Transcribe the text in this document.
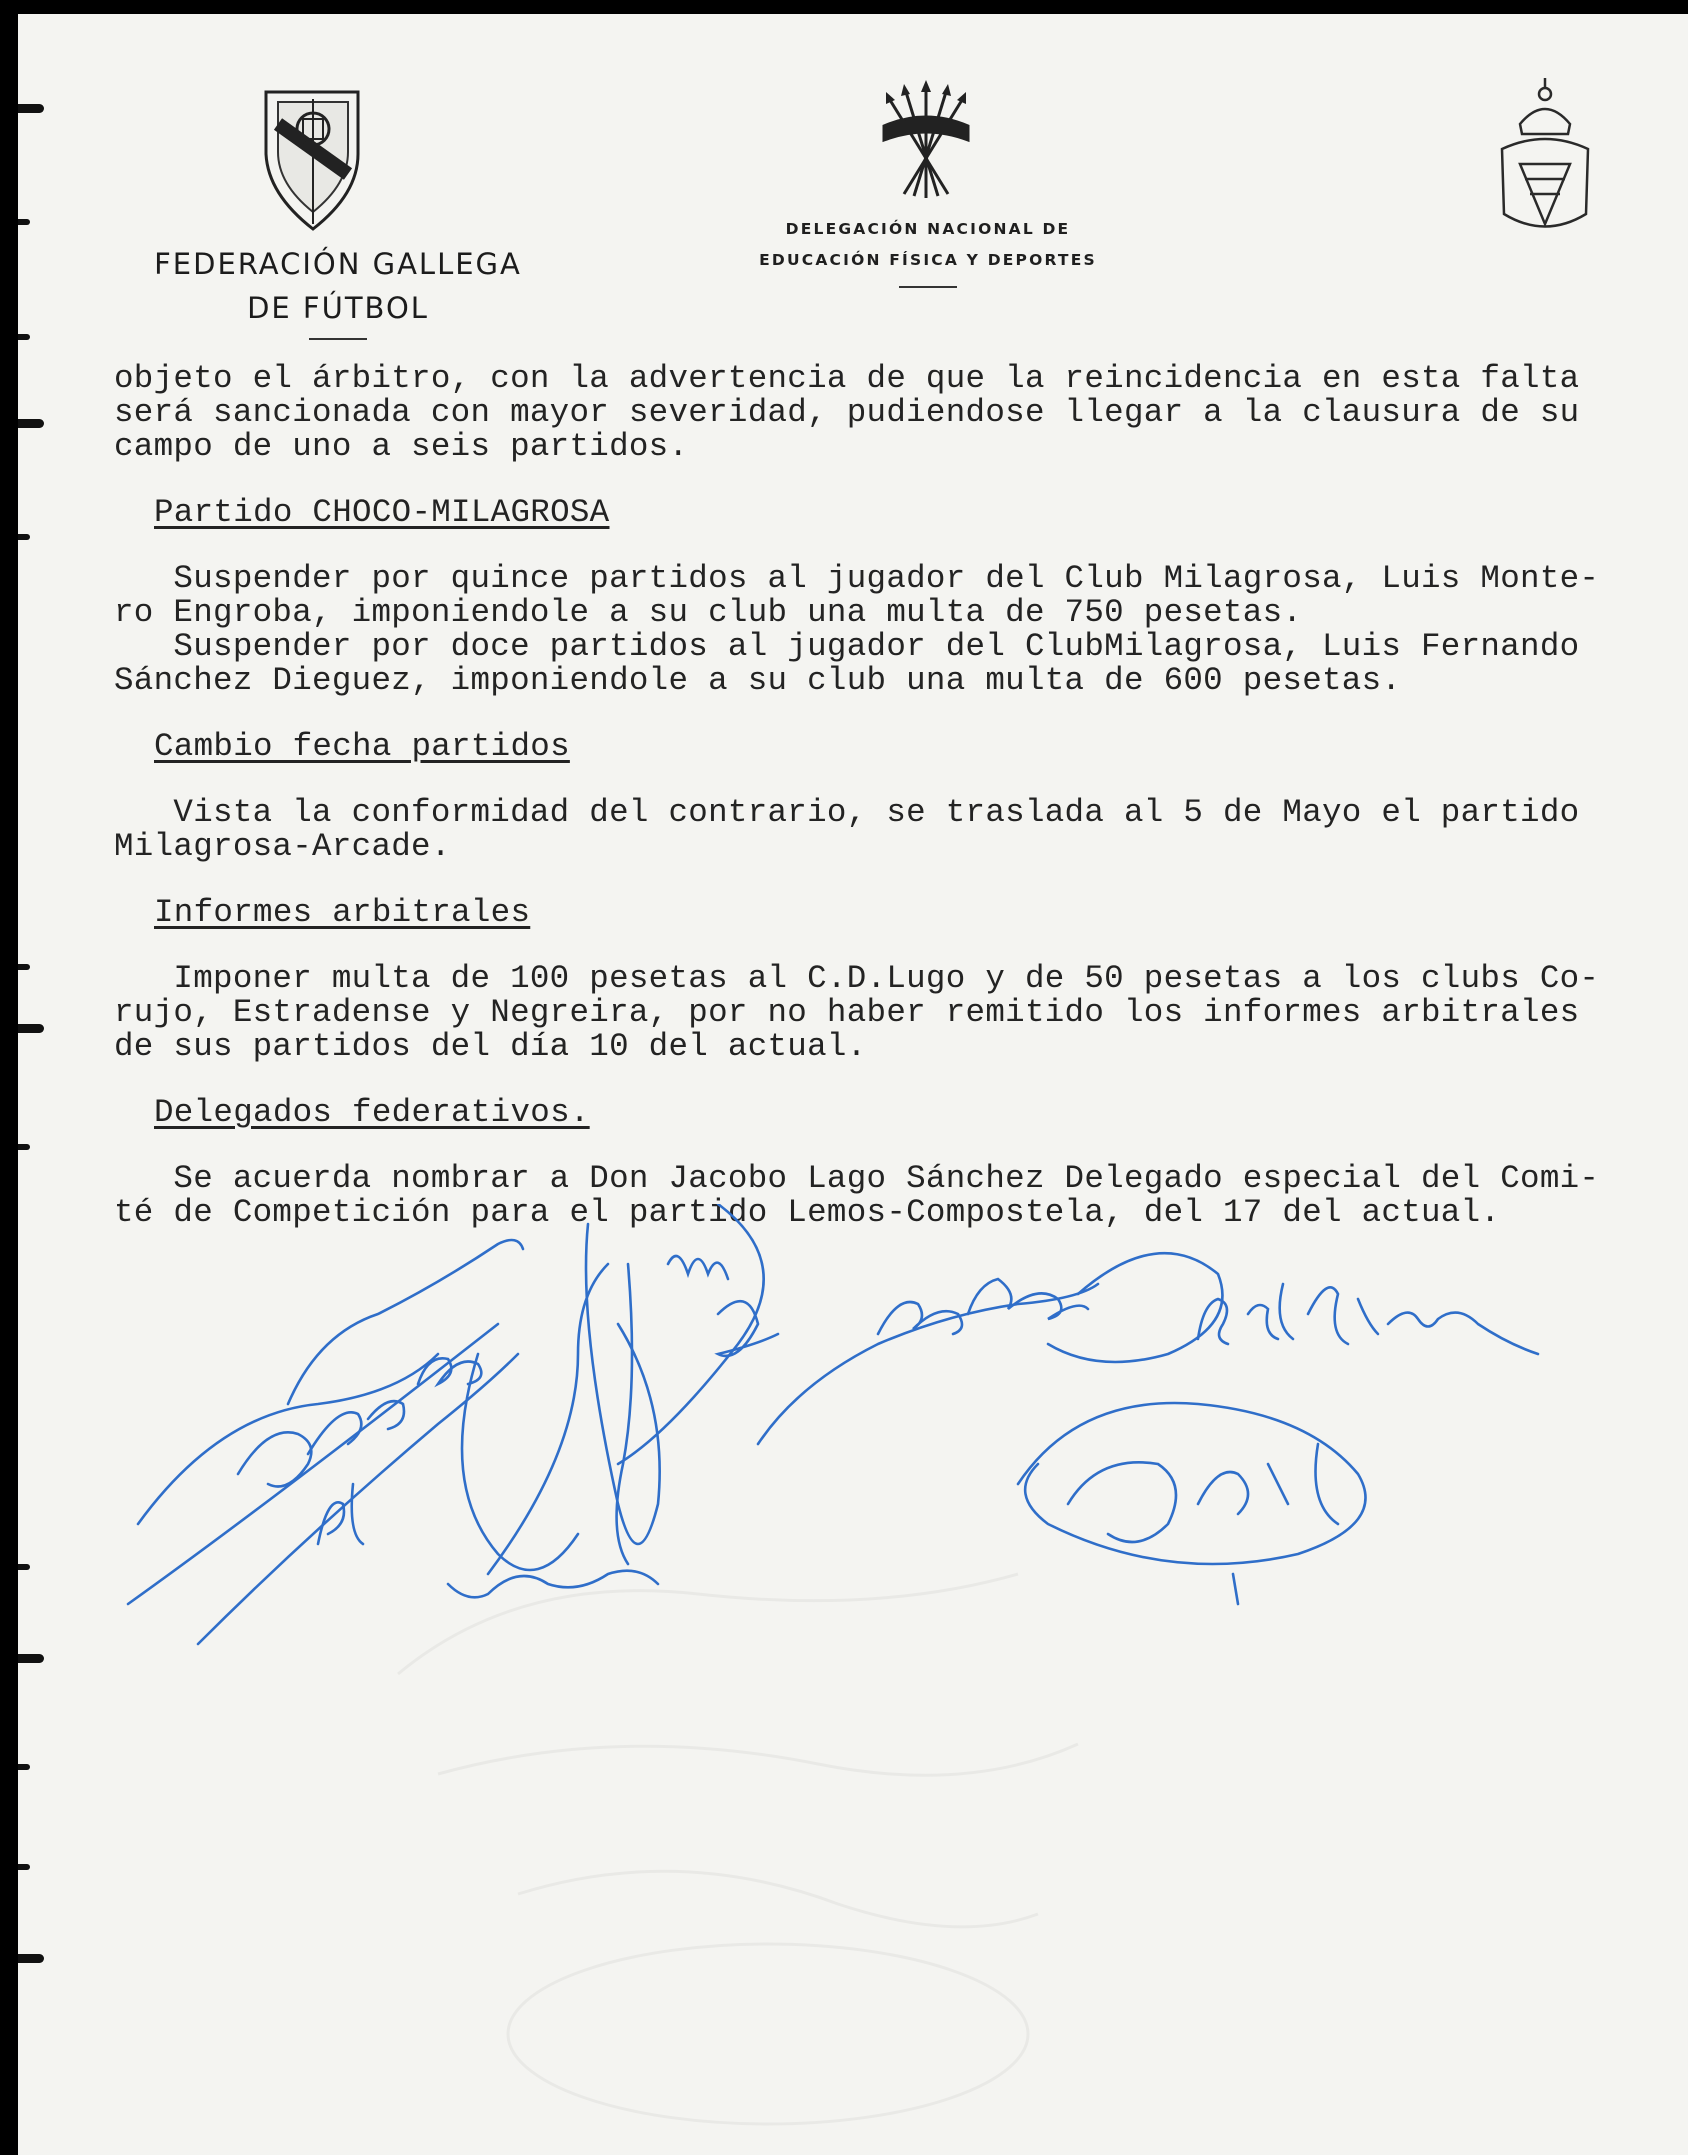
FEDERACIÓN GALLEGA
DE FÚTBOL
DELEGACIÓN NACIONAL DE
EDUCACIÓN FÍSICA Y DEPORTES
objeto el árbitro, con la advertencia de que la reincidencia en esta falta
será sancionada con mayor severidad, pudiendose llegar a la clausura de su
campo de uno a seis partidos.
Partido CHOCO-MILAGROSA
Suspender por quince partidos al jugador del Club Milagrosa, Luis Monte-
ro Engroba, imponiendole a su club una multa de 750 pesetas.
Suspender por doce partidos al jugador del ClubMilagrosa, Luis Fernando
Sánchez Dieguez, imponiendole a su club una multa de 600 pesetas.
Cambio fecha partidos
Vista la conformidad del contrario, se traslada al 5 de Mayo el partido
Milagrosa-Arcade.
Informes arbitrales
Imponer multa de 100 pesetas al C.D.Lugo y de 50 pesetas a los clubs Co-
rujo, Estradense y Negreira, por no haber remitido los informes arbitrales
de sus partidos del día 10 del actual.
Delegados federativos.
Se acuerda nombrar a Don Jacobo Lago Sánchez Delegado especial del Comi-
té de Competición para el partido Lemos-Compostela, del 17 del actual.
